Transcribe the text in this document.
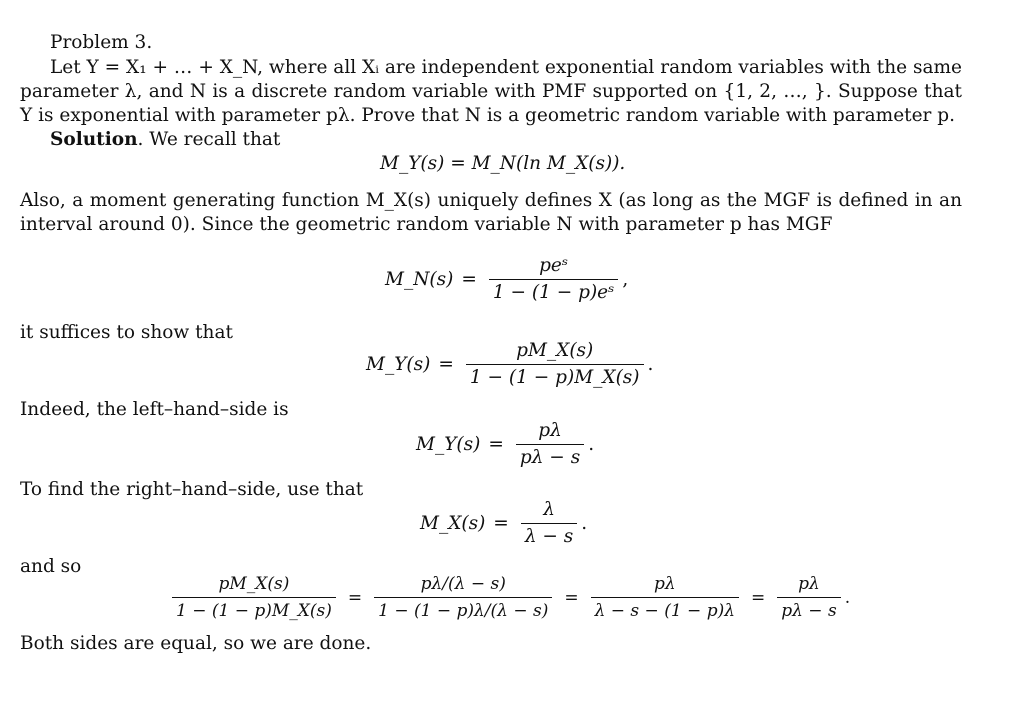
Problem 3.
Let Y = X₁ + … + X_N, where all Xᵢ are independent exponential random variables with the same parameter λ, and N is a discrete random variable with PMF supported on {1, 2, …, }. Suppose that Y is exponential with parameter pλ. Prove that N is a geometric random variable with parameter p.
Solution. We recall that
M_Y(s) = M_N(ln M_X(s)).
Also, a moment generating function M_X(s) uniquely defines X (as long as the MGF is defined in an interval around 0). Since the geometric random variable N with parameter p has MGF
M_N(s) = $\frac{\text{peˢ}}{\text{1 − (1 − p)eˢ}}$ ,
it suffices to show that
M_Y(s) = $\frac{pM\_X(s)}{1 - (1 - p)M\_X(s)}$ .
Indeed, the left–hand–side is
M_Y(s) = $\frac{p\lambda}{p\lambda - s}$ .
To find the right–hand–side, use that
M_X(s) = $\frac{\lambda}{\lambda - s}$ .
and so
$\frac{pM\_X(s)}{1 - (1 - p)M\_X(s)} = \frac{p\lambda/(\lambda - s)}{1 - (1 - p)\lambda/(\lambda - s)} = \frac{p\lambda}{\lambda - s - (1 - p)\lambda} = \frac{p\lambda}{p\lambda - s}$ .
Both sides are equal, so we are done.
